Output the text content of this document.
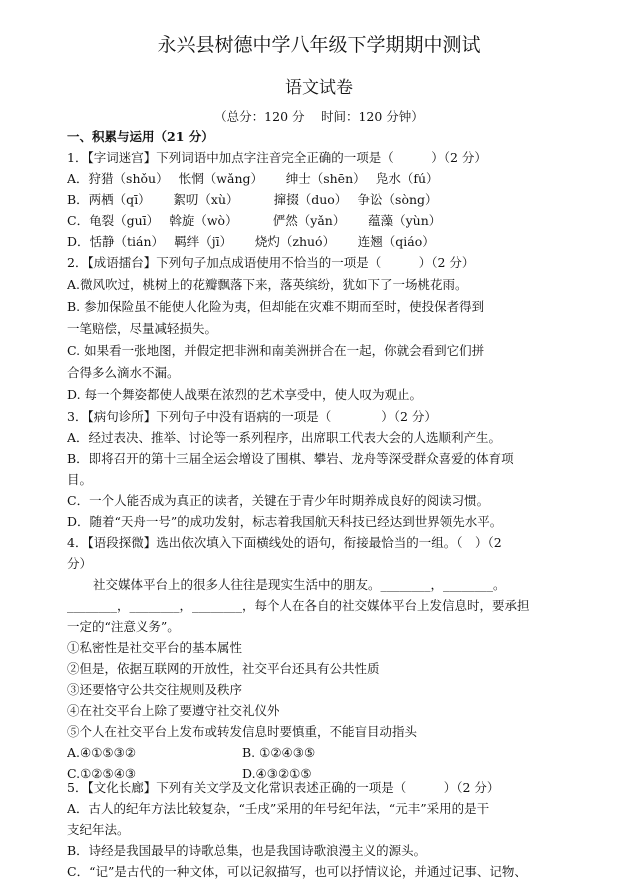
永兴县树德中学八年级下学期期中测试
语文试卷
（总分：120 分　 时间：120 分钟）
一、积累与运用（21 分）
1．【字词迷宫】下列词语中加点字注音完全正确的一项是（　　　）（2 分）
A．狩猎（shǒu）　 怅惘（wǎng）　　 绅士（shēn）　 凫水（fú）
B．两栖（qī）　　 絮叨（xù）　　　 撺掇（duo）　 争讼（sòng）
C．龟裂（guī）　 斡旋（wò）　　　 俨然（yǎn）　　 蕴藻（yùn）
D．恬静（tián）　 羁绊（jī）　　 烧灼（zhuó）　　 连翘（qiáo）
2．【成语擂台】下列句子加点成语使用不恰当的一项是（　　　）（2 分）
A.微风吹过，桃树上的花瓣飘落下来，落英缤纷，犹如下了一场桃花雨。
B. 参加保险虽不能使人化险为夷，但却能在灾难不期而至时，使投保者得到
一笔赔偿，尽量减轻损失。
C. 如果看一张地图，并假定把非洲和南美洲拼合在一起，你就会看到它们拼
合得多么滴水不漏。
D. 每一个舞姿都使人战栗在浓烈的艺术享受中，使人叹为观止。
3．【病句诊所】下列句子中没有语病的一项是（　　　　）（2 分）
A．经过表决、推举、讨论等一系列程序，出席职工代表大会的人选顺利产生。
B．即将召开的第十三届全运会增设了围棋、攀岩、龙舟等深受群众喜爱的体育项
目。
C．一个人能否成为真正的读者，关键在于青少年时期养成良好的阅读习惯。
D．随着“天舟一号”的成功发射，标志着我国航天科技已经达到世界领先水平。
4．【语段探微】选出依次填入下面横线处的语句，衔接最恰当的一组。（　）（2
分）
社交媒体平台上的很多人往往是现实生活中的朋友。________，________。
________，________，________，每个人在各自的社交媒体平台上发信息时，要承担
一定的“注意义务”。
①私密性是社交平台的基本属性
②但是，依据互联网的开放性，社交平台还具有公共性质
③还要恪守公共交往规则及秩序
④在社交平台上除了要遵守社交礼仪外
⑤个人在社交平台上发布或转发信息时要慎重，不能盲目动指头
A.④①⑤③②	B. ①②④③⑤
C.①②⑤④③	D.④③②①⑤
5．【文化长廊】下列有关文学及文化常识表述正确的一项是（　　　）（2 分）
A．古人的纪年方法比较复杂，“壬戌”采用的年号纪年法，“元丰”采用的是干
支纪年法。
B．诗经是我国最早的诗歌总集，也是我国诗歌浪漫主义的源头。
C．“记”是古代的一种文体，可以记叙描写，也可以抒情议论，并通过记事、记物、
